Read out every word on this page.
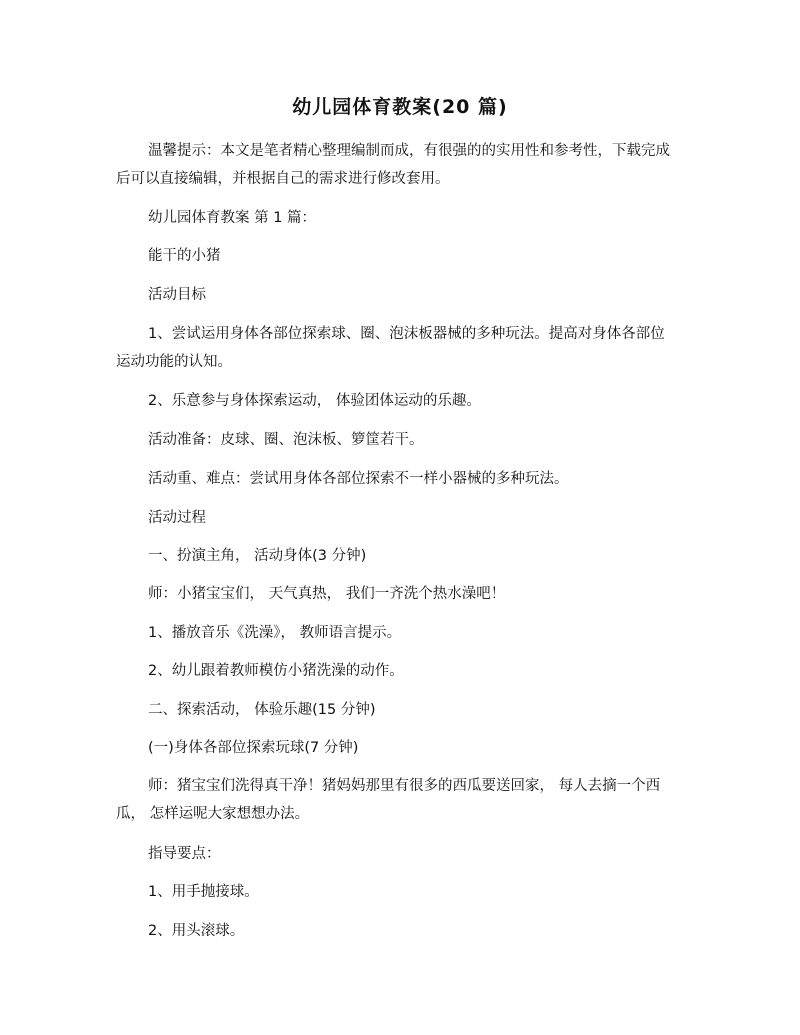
幼儿园体育教案(20 篇)

温馨提示：本文是笔者精心整理编制而成，有很强的的实用性和参考性，下载完成后可以直接编辑，并根据自己的需求进行修改套用。

幼儿园体育教案 第 1 篇：

能干的小猪

活动目标

1、尝试运用身体各部位探索球、圈、泡沫板器械的多种玩法。提高对身体各部位运动功能的认知。

2、乐意参与身体探索运动， 体验团体运动的乐趣。

活动准备：皮球、圈、泡沫板、箩筐若干。

活动重、难点：尝试用身体各部位探索不一样小器械的多种玩法。

活动过程

一、扮演主角， 活动身体(3 分钟)

师：小猪宝宝们， 天气真热， 我们一齐洗个热水澡吧！

1、播放音乐《洗澡》， 教师语言提示。

2、幼儿跟着教师模仿小猪洗澡的动作。

二、探索活动， 体验乐趣(15 分钟)

(一)身体各部位探索玩球(7 分钟)

师：猪宝宝们洗得真干净！猪妈妈那里有很多的西瓜要送回家， 每人去摘一个西瓜， 怎样运呢大家想想办法。

指导要点：

1、用手抛接球。

2、用头滚球。
